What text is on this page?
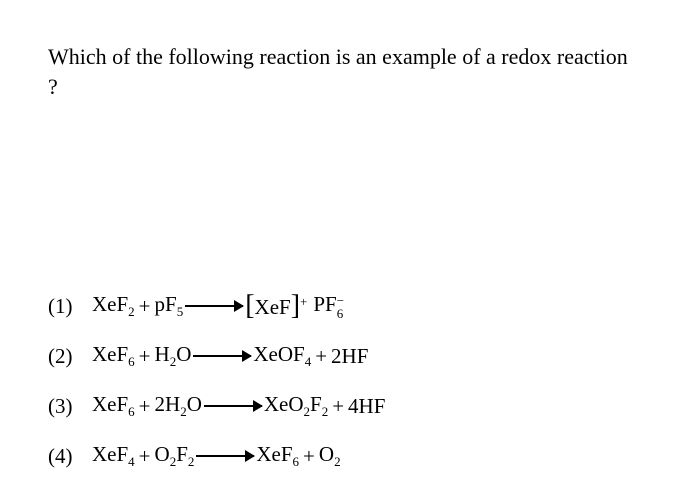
Which of the following reaction is an example of a redox reaction
?
(1) $XeF_2 + pF_5 \to [XeF]^+$ PF −
6
(2) $XeF_6 + H_2O$ → XeOF$_4$ + 2HF
(3) $XeF_6 + 2H_2O \to XeO_2F_2 + 4HF$
(4) $XeF_4 + O_2F_2 \to XeF_6 + O_2$
